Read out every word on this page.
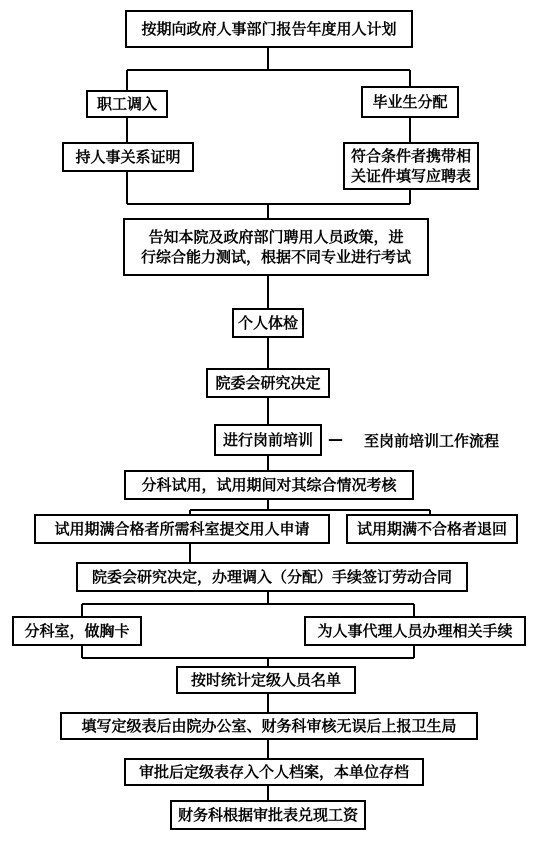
按期向政府人事部门报告年度用人计划
职工调入	毕业生分配
持人事关系证明	符合条件者携带相
关证件填写应聘表
告知本院及政府部门聘用人员政策，进
行综合能力测试，根据不同专业进行考试
个人体检
院委会研究决定
进行岗前培训 — 至岗前培训工作流程
分科试用，试用期间对其综合情况考核
试用期满合格者所需科室提交用人申请	试用期满不合格者退回
院委会研究决定，办理调入（分配）手续签订劳动合同
分科室，做胸卡	为人事代理人员办理相关手续
按时统计定级人员名单
填写定级表后由院办公室、财务科审核无误后上报卫生局
审批后定级表存入个人档案，本单位存档
财务科根据审批表兑现工资
